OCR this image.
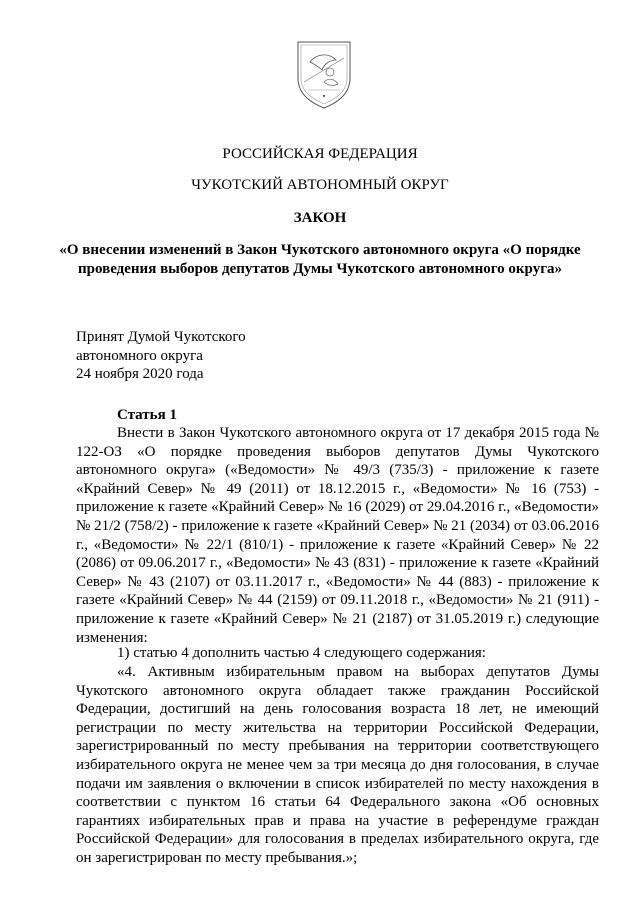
РОССИЙСКАЯ ФЕДЕРАЦИЯ
ЧУКОТСКИЙ АВТОНОМНЫЙ ОКРУГ
ЗАКОН
«О внесении изменений в Закон Чукотского автономного округа «О порядке проведения выборов депутатов Думы Чукотского автономного округа»
Принят Думой Чукотского
автономного округа
24 ноября 2020 года
Статья 1
Внести в Закон Чукотского автономного округа от 17 декабря 2015 года № 122-ОЗ «О порядке проведения выборов депутатов Думы Чукотского автономного округа» («Ведомости» № 49/3 (735/3) - приложение к газете «Крайний Север» № 49 (2011) от 18.12.2015 г., «Ведомости» № 16 (753) - приложение к газете «Крайний Север» № 16 (2029) от 29.04.2016 г., «Ведомости» № 21/2 (758/2) - приложение к газете «Крайний Север» № 21 (2034) от 03.06.2016 г., «Ведомости» № 22/1 (810/1) - приложение к газете «Крайний Север» № 22 (2086) от 09.06.2017 г., «Ведомости» № 43 (831) - приложение к газете «Крайний Север» № 43 (2107) от 03.11.2017 г., «Ведомости» № 44 (883) - приложение к газете «Крайний Север» № 44 (2159) от 09.11.2018 г., «Ведомости» № 21 (911) - приложение к газете «Крайний Север» № 21 (2187) от 31.05.2019 г.) следующие изменения:
1) статью 4 дополнить частью 4 следующего содержания:
«4. Активным избирательным правом на выборах депутатов Думы Чукотского автономного округа обладает также гражданин Российской Федерации, достигший на день голосования возраста 18 лет, не имеющий регистрации по месту жительства на территории Российской Федерации, зарегистрированный по месту пребывания на территории соответствующего избирательного округа не менее чем за три месяца до дня голосования, в случае подачи им заявления о включении в список избирателей по месту нахождения в соответствии с пунктом 16 статьи 64 Федерального закона «Об основных гарантиях избирательных прав и права на участие в референдуме граждан Российской Федерации» для голосования в пределах избирательного округа, где он зарегистрирован по месту пребывания.»;
